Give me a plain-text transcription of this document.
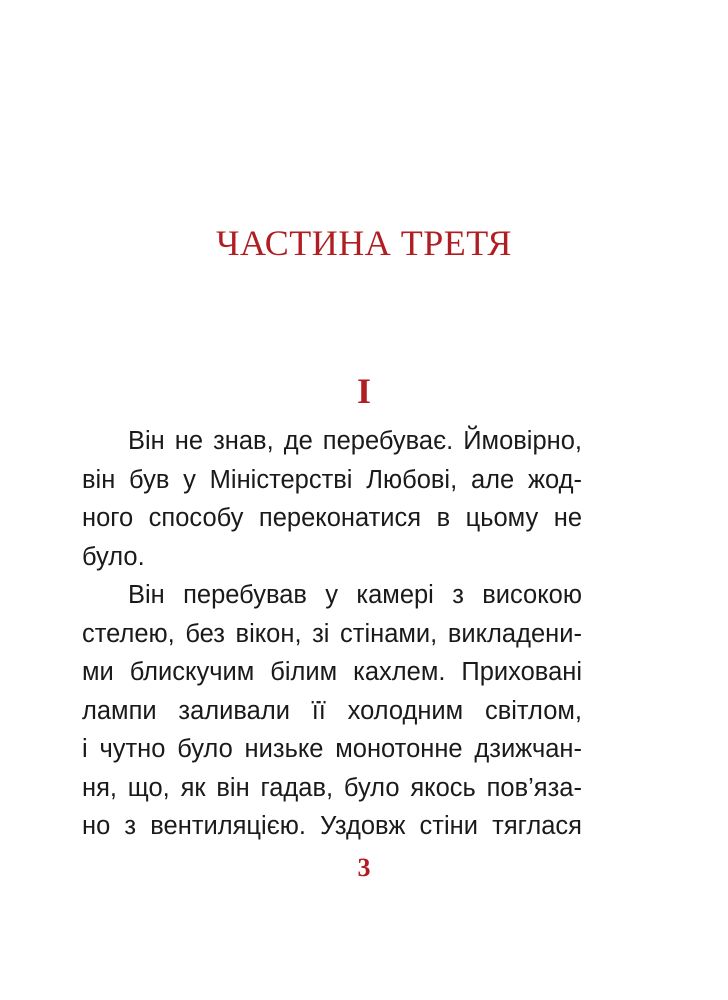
ЧАСТИНА ТРЕТЯ
I
Він не знав, де перебуває. Ймовірно,
він був у Міністерстві Любові, але жод-
ного способу переконатися в цьому не
було.
Він перебував у камері з високою
стелею, без вікон, зі стінами, викладени-
ми блискучим білим кахлем. Приховані
лампи заливали її холодним світлом,
і чутно було низьке монотонне дзижчан-
ня, що, як він гадав, було якось пов’яза-
но з вентиляцією. Уздовж стіни тяглася
3
